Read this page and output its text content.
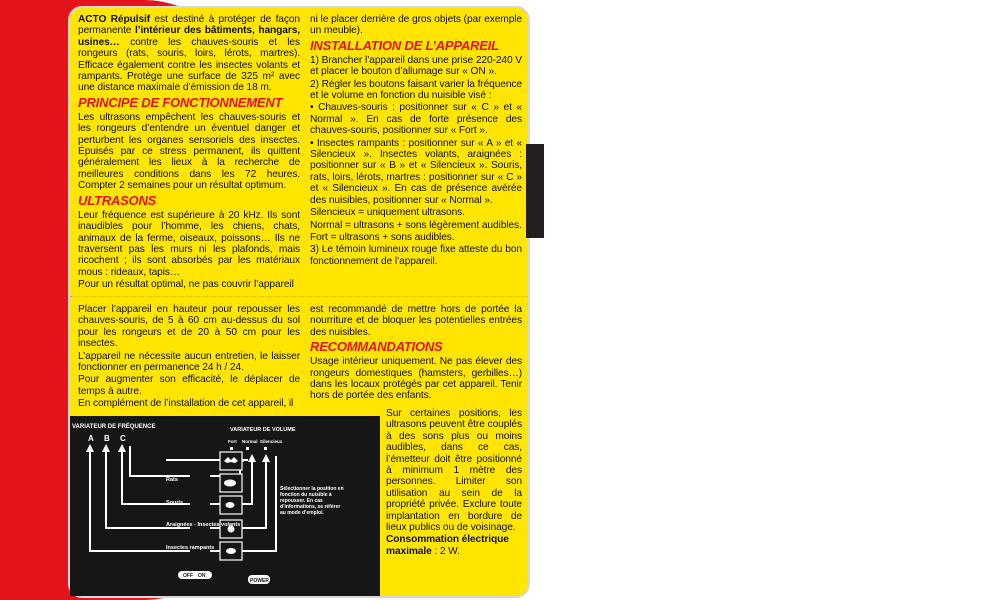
ACTO Répulsif est destiné à protéger de façon permanente l’intérieur des bâtiments, hangars, usines… contre les chauves-souris et les rongeurs (rats, souris, loirs, lérots, martres). Efficace également contre les insectes volants et rampants. Protège une surface de 325 m² avec une distance maximale d’émission de 18 m.

PRINCIPE DE FONCTIONNEMENT

Les ultrasons empêchent les chauves-souris et les rongeurs d’entendre un éventuel danger et perturbent les organes sensoriels des insectes. Épuisés par ce stress permanent, ils quittent généralement les lieux à la recherche de meilleures conditions dans les 72 heures. Compter 2 semaines pour un résultat optimum.

ULTRASONS

Leur fréquence est supérieure à 20 kHz. Ils sont inaudibles pour l’homme, les chiens, chats, animaux de la ferme, oiseaux, poissons… Ils ne traversent pas les murs ni les plafonds, mais ricochent ; ils sont absorbés par les matériaux mous : rideaux, tapis…

Pour un résultat optimal, ne pas couvrir l’appareil

ni le placer derrière de gros objets (par exemple un meuble).

INSTALLATION DE L’APPAREIL

1) Brancher l’appareil dans une prise 220-240 V et placer le bouton d’allumage sur « ON ».

2) Régler les boutons faisant varier la fréquence et le volume en fonction du nuisible visé :

• Chauves-souris : positionner sur « C » et « Normal ». En cas de forte présence des chauves-souris, positionner sur « Fort ».

• Insectes rampants : positionner sur « A » et « Silencieux ». Insectes volants, araignées : positionner sur « B » et « Silencieux ». Souris, rats, loirs, lérots, martres : positionner sur « C » et « Silencieux ». En cas de présence avérée des nuisibles, positionner sur « Normal ».

Silencieux = uniquement ultrasons.

Normal = ultrasons + sons légèrement audibles.

Fort = ultrasons + sons audibles.

3) Le témoin lumineux rouge fixe atteste du bon fonctionnement de l’appareil.

ACTO

Placer l’appareil en hauteur pour repousser les chauves-souris, de 5 à 60 cm au-dessus du sol pour les rongeurs et de 20 à 50 cm pour les insectes.

L’appareil ne nécessite aucun entretien, le laisser fonctionner en permanence 24 h / 24.

Pour augmenter son efficacité, le déplacer de temps à autre.

En complément de l’installation de cet appareil, il

est recommandé de mettre hors de portée la nourriture et de bloquer les potentielles entrées des nuisibles.

RECOMMANDATIONS

Usage intérieur uniquement. Ne pas élever des rongeurs domestiques (hamsters, gerbilles…) dans les locaux protégés par cet appareil. Tenir hors de portée des enfants.

Sur certaines positions, les ultrasons peuvent être couplés à des sons plus ou moins audibles, dans ce cas, l’émetteur doit être positionné à minimum 1 mètre des personnes. Limiter son utilisation au sein de la propriété privée. Exclure toute implantation en bordure de lieux publics ou de voisinage.

Consommation électrique maximale : 2 W.

VARIATEUR DE FRÉQUENCE
A B C
VARIATEUR DE VOLUME
Fort Normal Silencieux
Rats
Souris
Araignées - Insectes volants
Insectes rampants
Sélectionner la position en fonction du nuisible à repousser. En cas d’informations, se référer au mode d’emploi.
OFF ON
POWER
